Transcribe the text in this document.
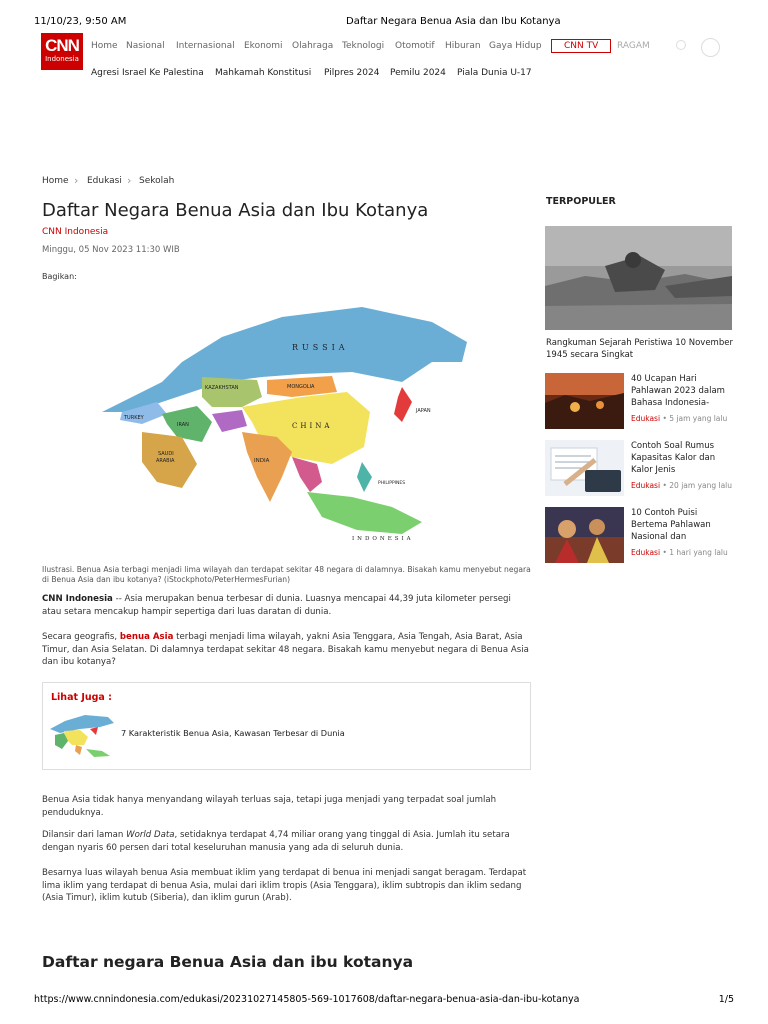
11/10/23, 9:50 AM	Daftar Negara Benua Asia dan Ibu Kotanya
CNN
Indonesia
Home Nasional Internasional Ekonomi Olahraga Teknologi Otomotif Hiburan Gaya Hidup	CNN TV	RAGAM
Agresi Israel Ke Palestina Mahkamah Konstitusi Pilpres 2024 Pemilu 2024 Piala Dunia U-17
Home › Edukasi › Sekolah
Daftar Negara Benua Asia dan Ibu Kotanya
CNN Indonesia
Minggu, 05 Nov 2023 11:30 WIB
Bagikan:
RUSSIA
KAZAKHSTAN	MONGOLIA
CHINA
JAPAN
TURKEY
IRAN
INDIA
SAUDI
ARABIA
PHILIPPINES
INDONESIA
Ilustrasi. Benua Asia terbagi menjadi lima wilayah dan terdapat sekitar 48 negara di dalamnya. Bisakah kamu menyebut negara di Benua Asia dan ibu kotanya? (iStockphoto/PeterHermesFurian)

CNN Indonesia -- Asia merupakan benua terbesar di dunia. Luasnya mencapai 44,39 juta kilometer persegi atau setara mencakup hampir sepertiga dari luas daratan di dunia.

Secara geografis, benua Asia terbagi menjadi lima wilayah, yakni Asia Tenggara, Asia Tengah, Asia Barat, Asia Timur, dan Asia Selatan. Di dalamnya terdapat sekitar 48 negara. Bisakah kamu menyebut negara di Benua Asia dan ibu kotanya?

Lihat Juga :
7 Karakteristik Benua Asia, Kawasan Terbesar di Dunia

Benua Asia tidak hanya menyandang wilayah terluas saja, tetapi juga menjadi yang terpadat soal jumlah penduduknya.

Dilansir dari laman World Data, setidaknya terdapat 4,74 miliar orang yang tinggal di Asia. Jumlah itu setara dengan nyaris 60 persen dari total keseluruhan manusia yang ada di seluruh dunia.

Besarnya luas wilayah benua Asia membuat iklim yang terdapat di benua ini menjadi sangat beragam. Terdapat lima iklim yang terdapat di benua Asia, mulai dari iklim tropis (Asia Tenggara), iklim subtropis dan iklim sedang (Asia Timur), iklim kutub (Siberia), dan iklim gurun (Arab).

Daftar negara Benua Asia dan ibu kotanya
TERPOPULER
Rangkuman Sejarah Peristiwa 10 November 1945 secara Singkat
40 Ucapan Hari Pahlawan 2023 dalam Bahasa Indonesia-
Edukasi • 5 jam yang lalu
Contoh Soal Rumus Kapasitas Kalor dan Kalor Jenis
Edukasi • 20 jam yang lalu
10 Contoh Puisi Bertema Pahlawan Nasional dan
Edukasi • 1 hari yang lalu
https://www.cnnindonesia.com/edukasi/20231027145805-569-1017608/daftar-negara-benua-asia-dan-ibu-kotanya	1/5
